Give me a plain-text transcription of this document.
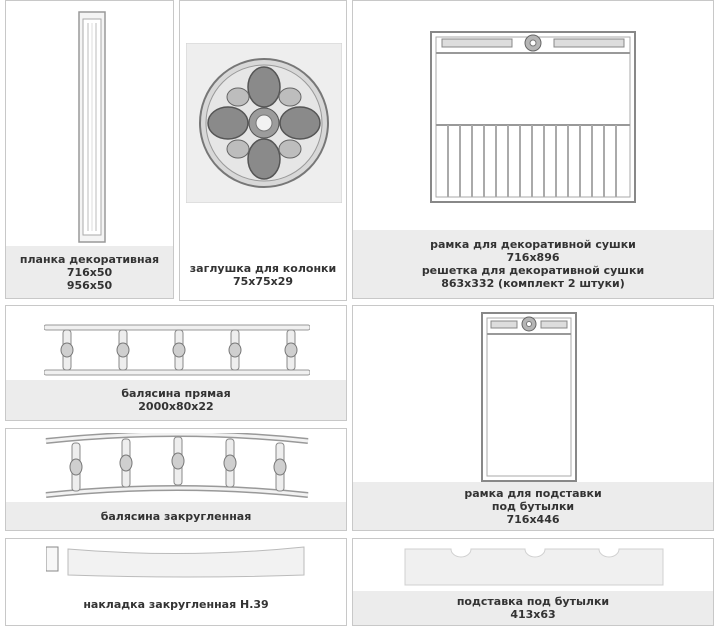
планка декоративная
716x50
956x50
заглушка для колонки
75x75x29
рамка для декоративной сушки
716x896
решетка для декоративной сушки
863x332 (комплект 2 штуки)
балясина прямая
2000x80x22
балясина закругленная
рамка для подставки
под бутылки
716x446
накладка закругленная Н.39	подставка под бутылки
413x63
